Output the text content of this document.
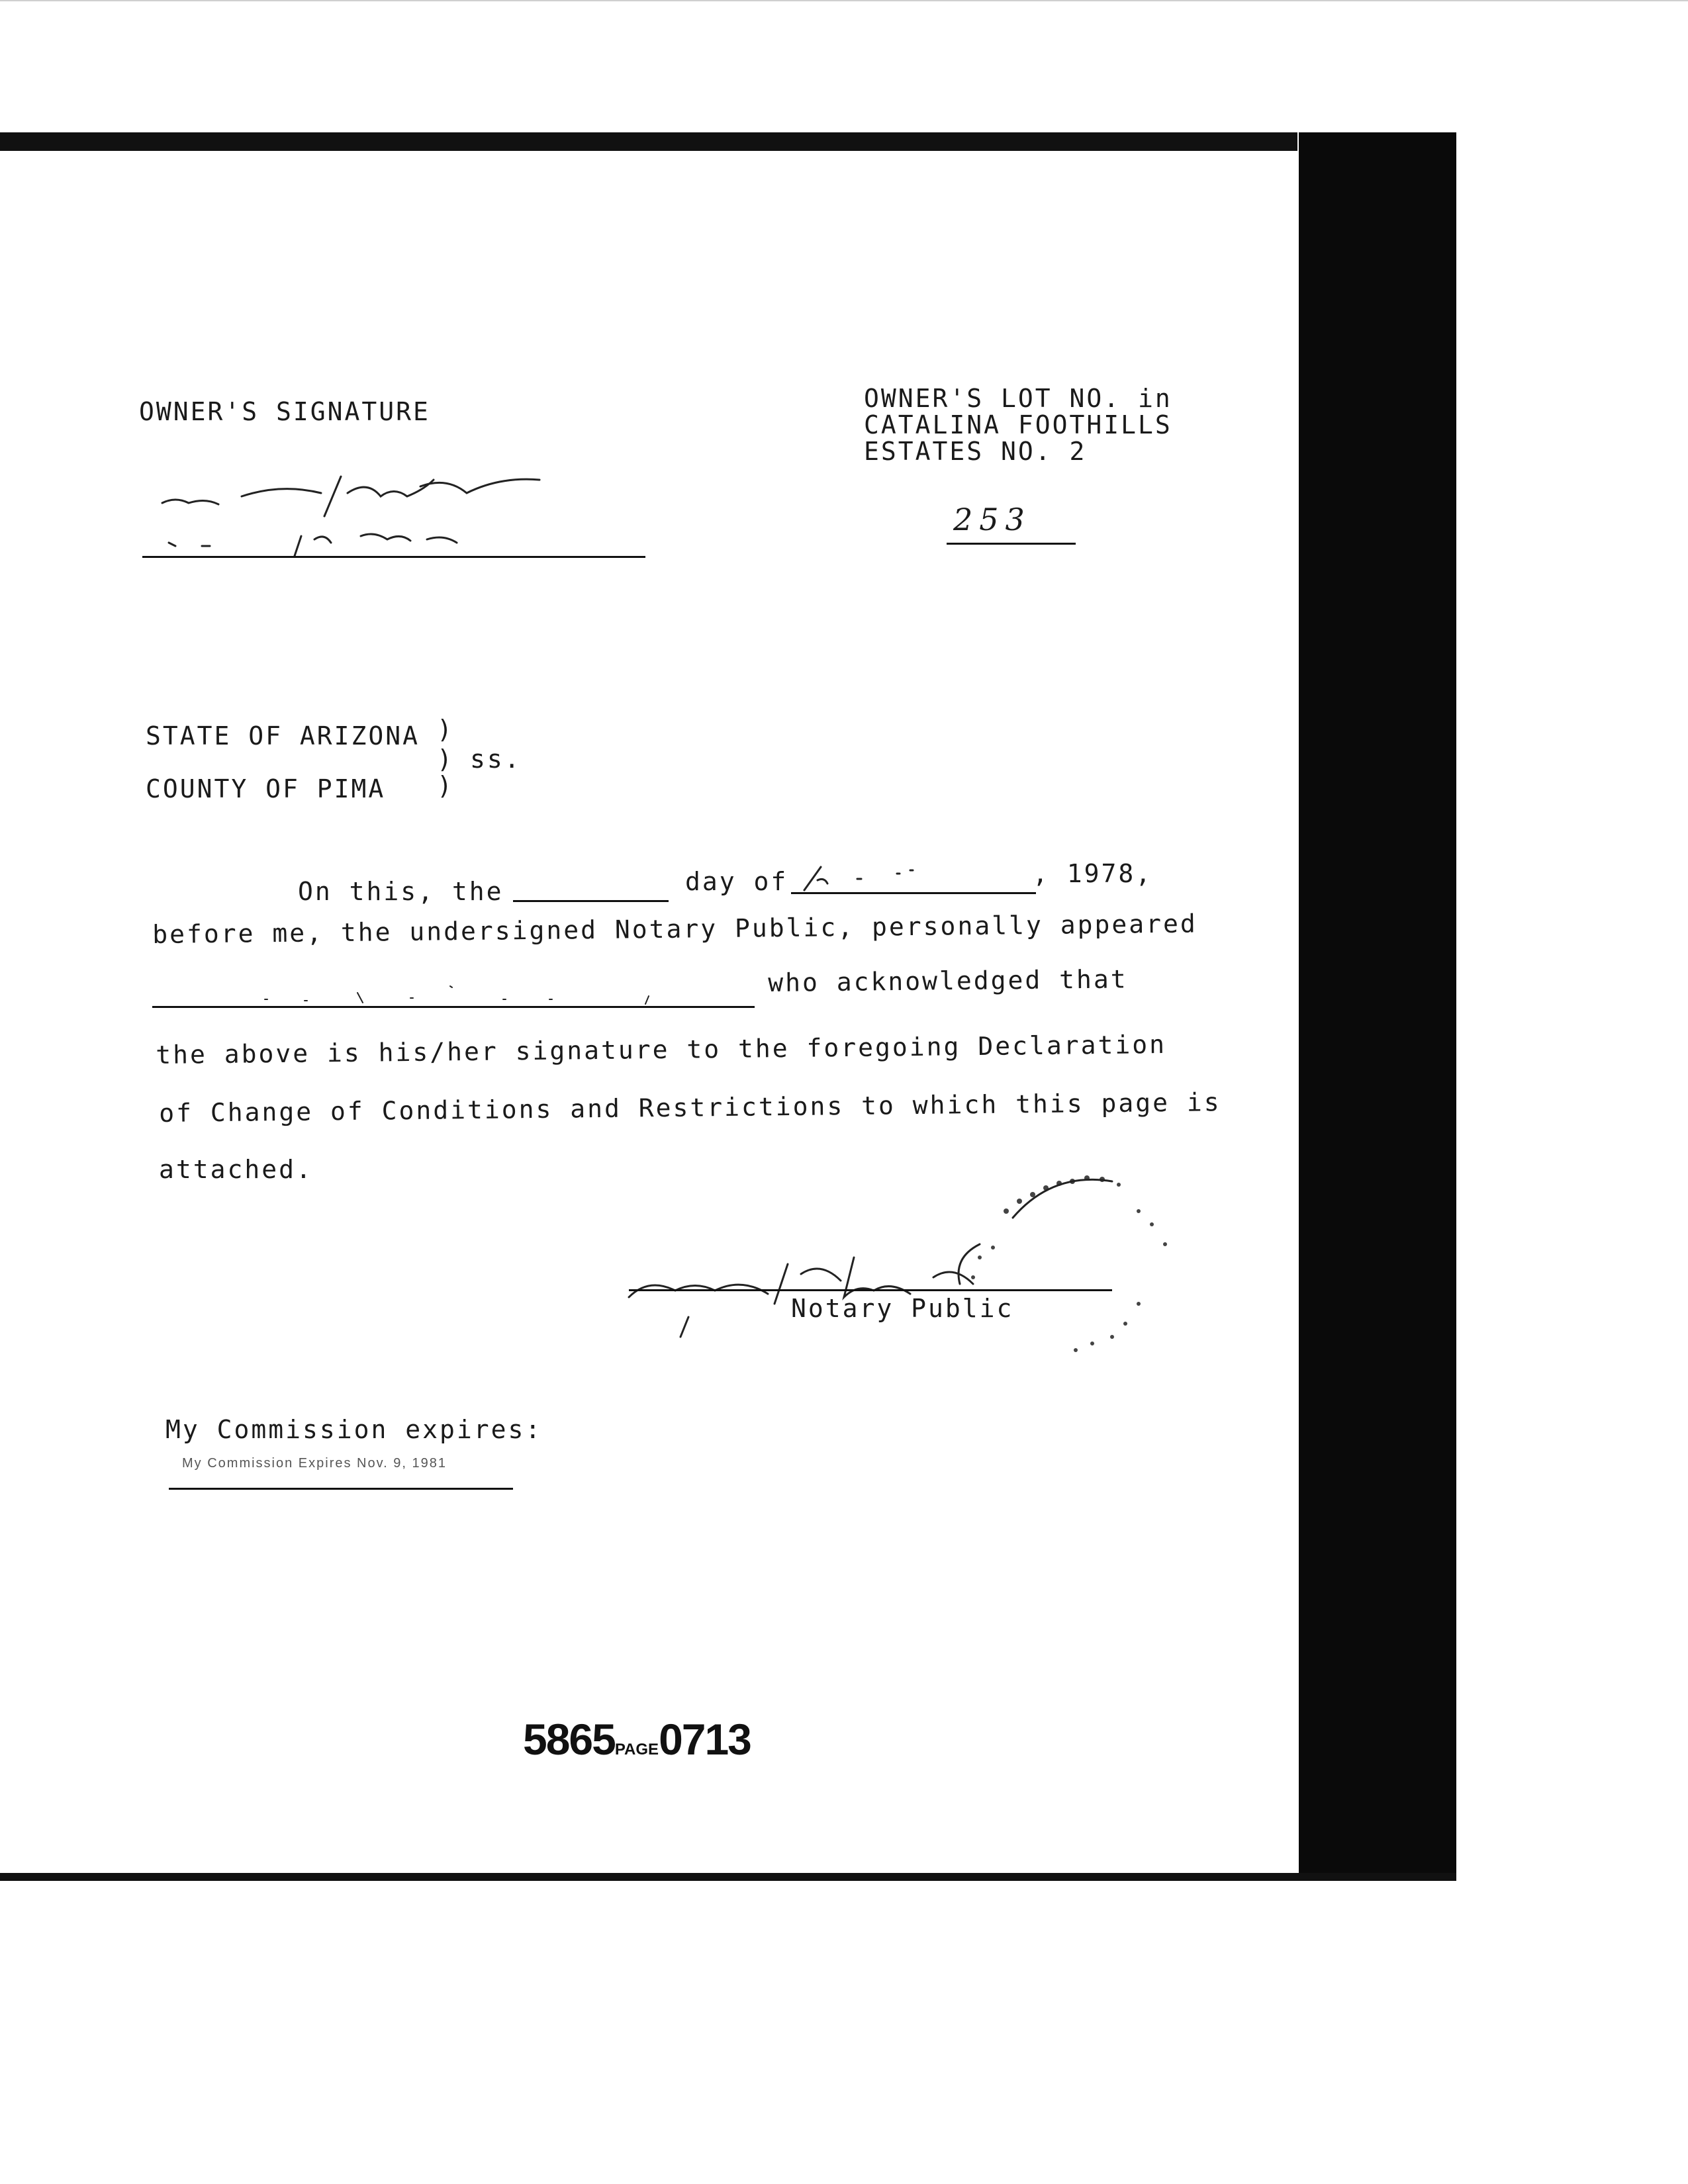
OWNER'S SIGNATURE	OWNER'S LOT NO. in
CATALINA FOOTHILLS
ESTATES NO. 2
253
STATE OF ARIZONA )
) ss.
COUNTY OF PIMA )
On this, the	day of	, 1978,
before me, the undersigned Notary Public, personally appeared
who acknowledged that
the above is his/her signature to the foregoing Declaration
of Change of Conditions and Restrictions to which this page is
attached.
Notary Public
My Commission expires:
My Commission Expires Nov. 9, 1981
5865PAGE0713
